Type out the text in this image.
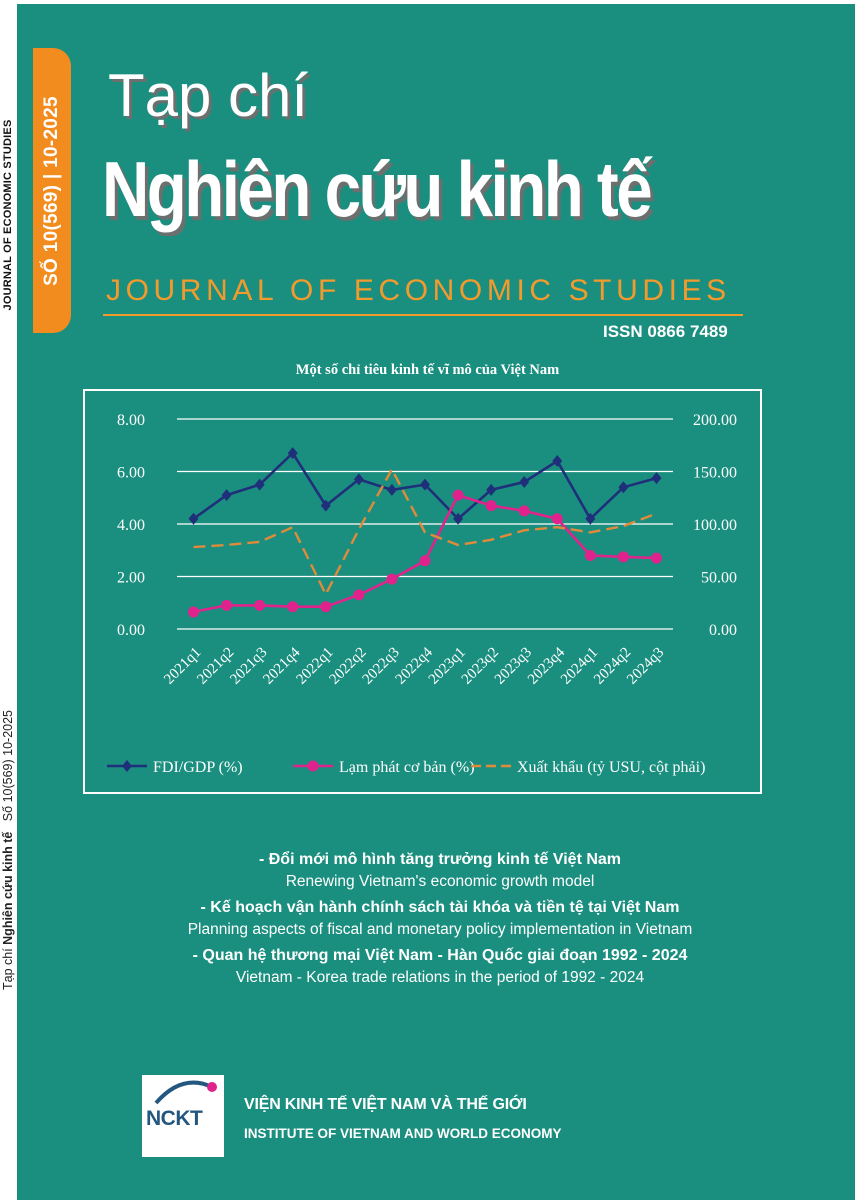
JOURNAL OF ECONOMIC STUDIES
Tạp chí Nghiên cứu kinh tế   Số 10(569) 10-2025
SỐ 10(569) | 10-2025
Tạp chí
Nghiên cứu kinh tế
JOURNAL OF ECONOMIC STUDIES
ISSN 0866 7489
Một số chỉ tiêu kinh tế vĩ mô của Việt Nam
0.00
2.00
4.00
6.00
8.00
0.00
50.00
100.00
150.00
200.00
2021q1
2021q2
2021q3
2021q4
2022q1
2022q2
2022q3
2022q4
2023q1
2023q2
2023q3
2023q4
2024q1
2024q2
2024q3
FDI/GDP (%)	Lạm phát cơ bản (%)	Xuất khẩu (tỷ USU, cột phải)
- Đổi mới mô hình tăng trưởng kinh tế Việt Nam
Renewing Vietnam's economic growth model
- Kế hoạch vận hành chính sách tài khóa và tiền tệ tại Việt Nam
Planning aspects of fiscal and monetary policy implementation in Vietnam
- Quan hệ thương mại Việt Nam - Hàn Quốc giai đoạn 1992 - 2024
Vietnam - Korea trade relations in the period of 1992 - 2024
NCKT
VIỆN KINH TẾ VIỆT NAM VÀ THẾ GIỚI
INSTITUTE OF VIETNAM AND WORLD ECONOMY
